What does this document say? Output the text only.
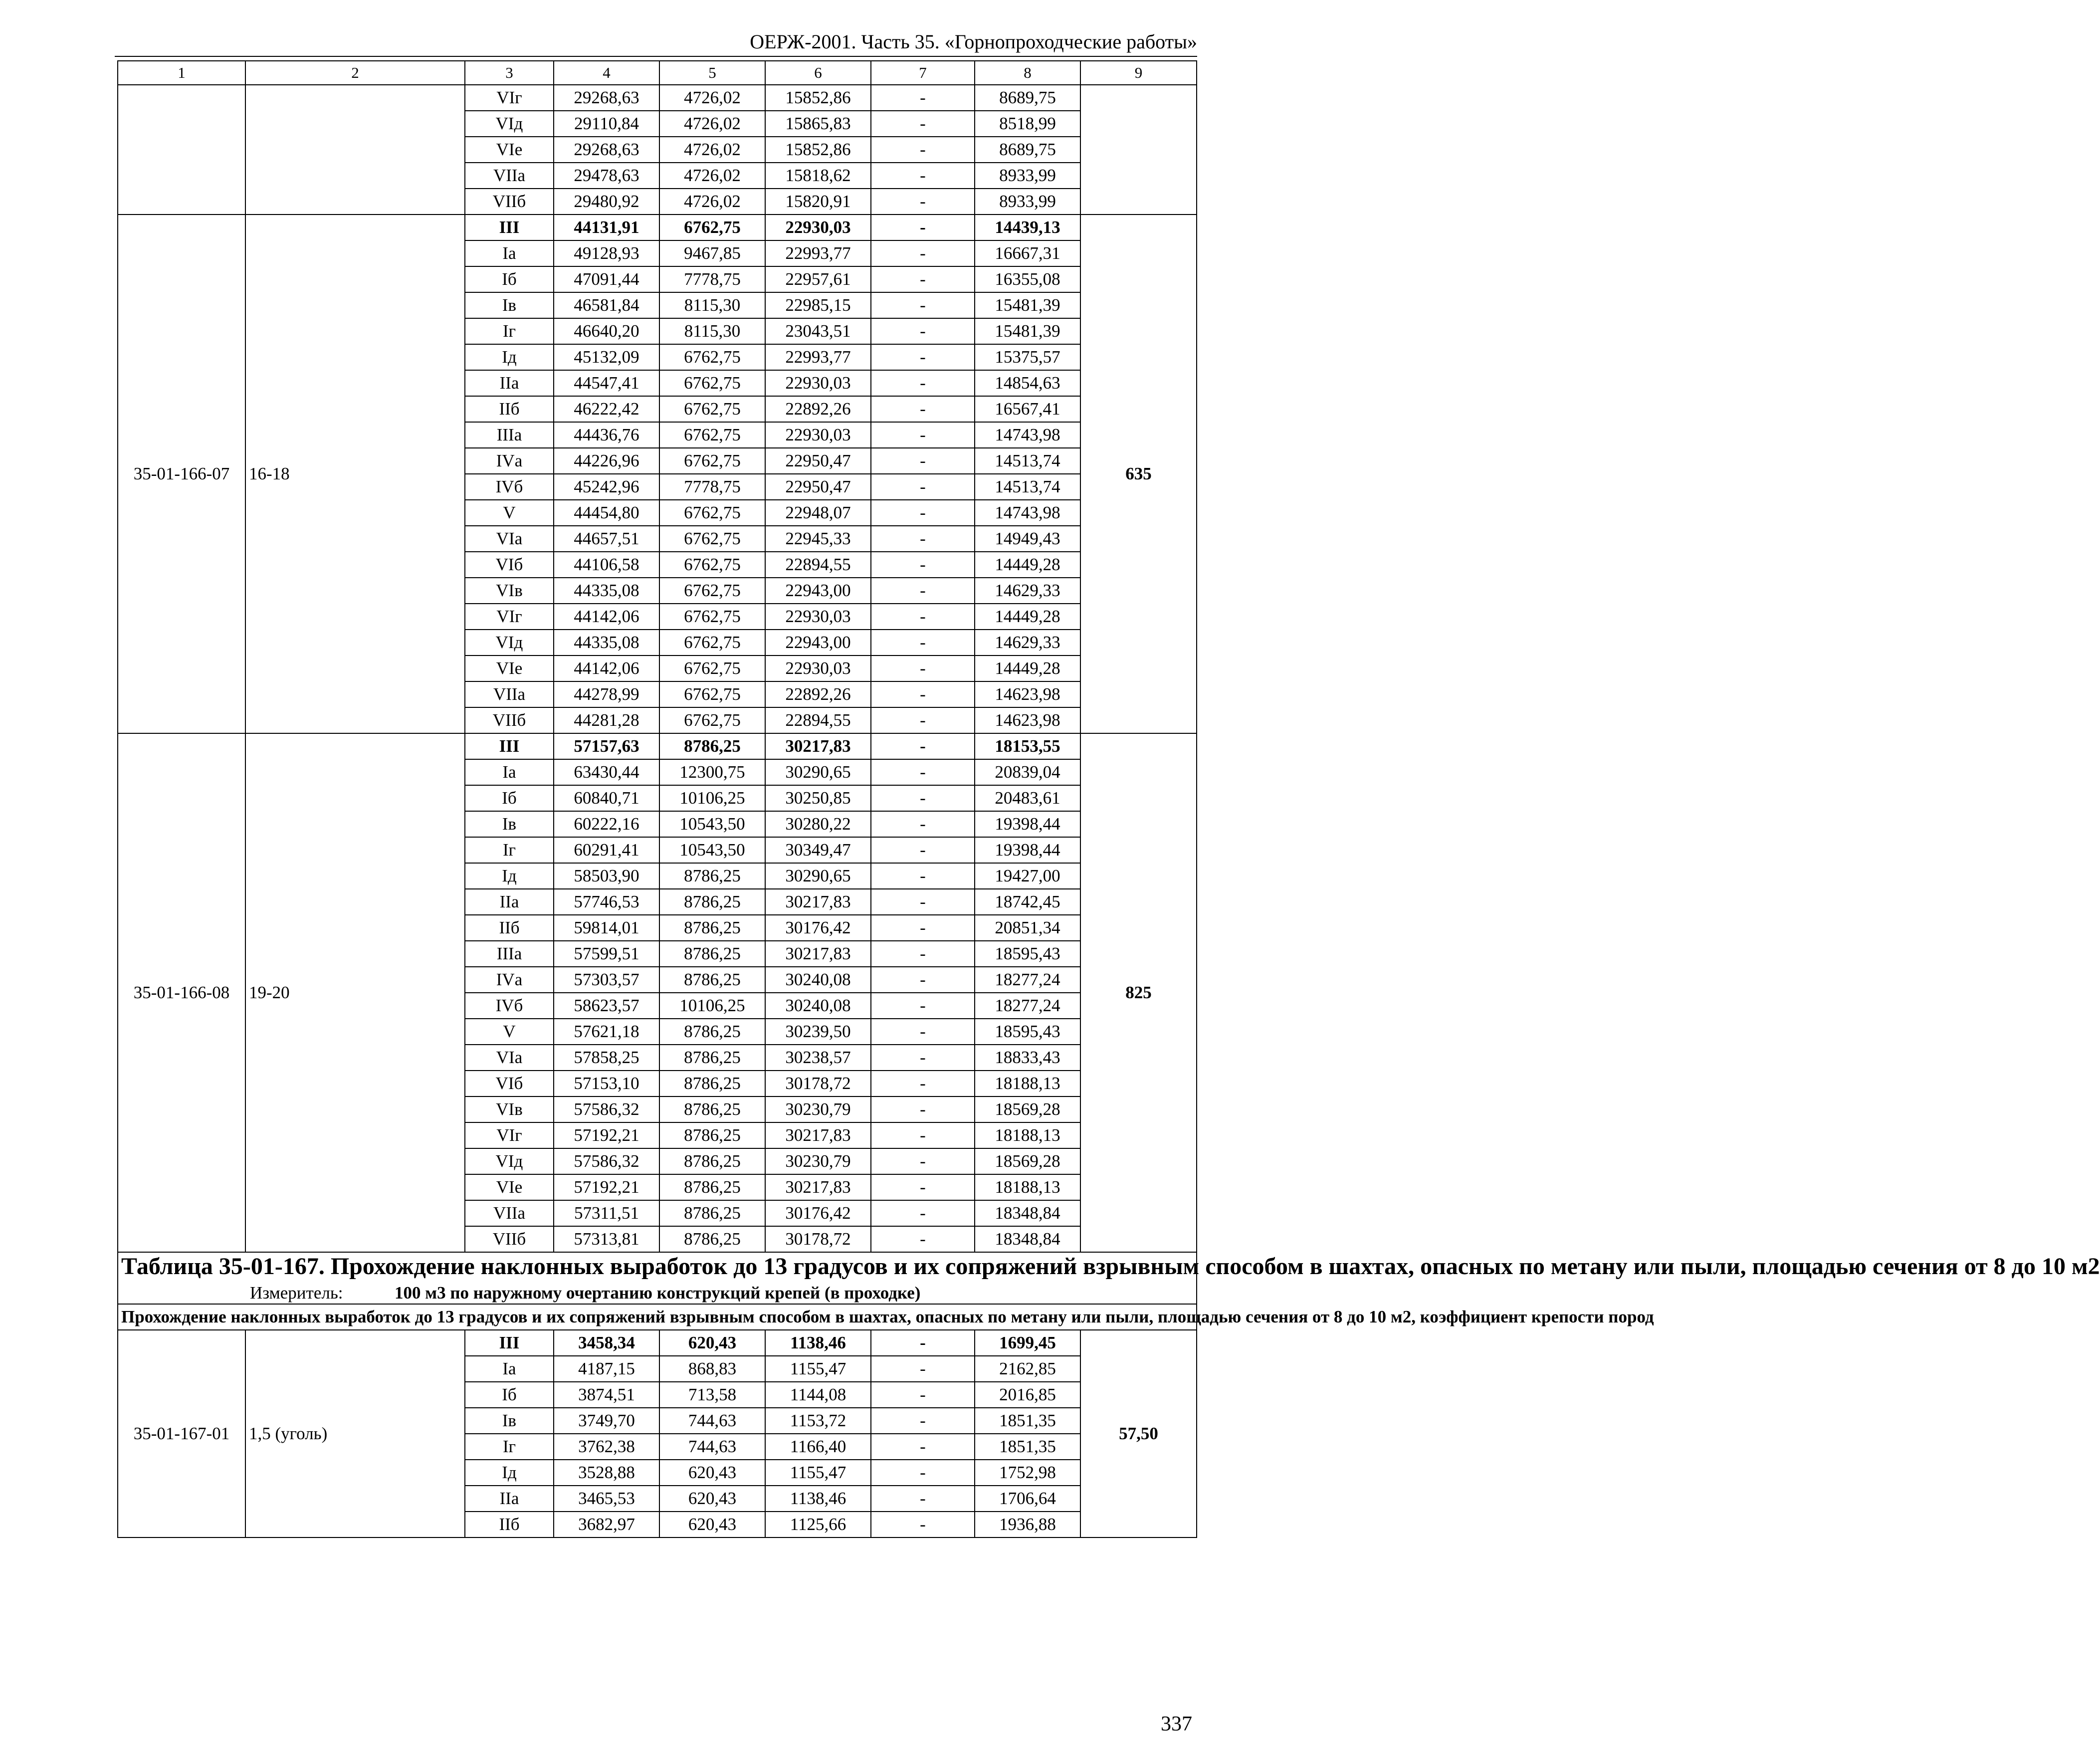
ОЕРЖ-2001. Часть 35. «Горнопроходческие работы»
1	2	3	4	5	6	7	8	9
		VIг	29268,63	4726,02	15852,86	-	8689,75	
		VIд	29110,84	4726,02	15865,83	-	8518,99	
		VIе	29268,63	4726,02	15852,86	-	8689,75	
		VIIа	29478,63	4726,02	15818,62	-	8933,99	
		VIIб	29480,92	4726,02	15820,91	-	8933,99	
35-01-166-07	16-18	III	44131,91	6762,75	22930,03	-	14439,13	635
		Iа	49128,93	9467,85	22993,77	-	16667,31	
		Iб	47091,44	7778,75	22957,61	-	16355,08	
		Iв	46581,84	8115,30	22985,15	-	15481,39	
		Iг	46640,20	8115,30	23043,51	-	15481,39	
		Iд	45132,09	6762,75	22993,77	-	15375,57	
		IIа	44547,41	6762,75	22930,03	-	14854,63	
		IIб	46222,42	6762,75	22892,26	-	16567,41	
		IIIа	44436,76	6762,75	22930,03	-	14743,98	
		IVа	44226,96	6762,75	22950,47	-	14513,74	
		IVб	45242,96	7778,75	22950,47	-	14513,74	
		V	44454,80	6762,75	22948,07	-	14743,98	
		VIа	44657,51	6762,75	22945,33	-	14949,43	
		VIб	44106,58	6762,75	22894,55	-	14449,28	
		VIв	44335,08	6762,75	22943,00	-	14629,33	
		VIг	44142,06	6762,75	22930,03	-	14449,28	
		VIд	44335,08	6762,75	22943,00	-	14629,33	
		VIе	44142,06	6762,75	22930,03	-	14449,28	
		VIIа	44278,99	6762,75	22892,26	-	14623,98	
		VIIб	44281,28	6762,75	22894,55	-	14623,98	
35-01-166-08	19-20	III	57157,63	8786,25	30217,83	-	18153,55	825
		Iа	63430,44	12300,75	30290,65	-	20839,04	
		Iб	60840,71	10106,25	30250,85	-	20483,61	
		Iв	60222,16	10543,50	30280,22	-	19398,44	
		Iг	60291,41	10543,50	30349,47	-	19398,44	
		Iд	58503,90	8786,25	30290,65	-	19427,00	
		IIа	57746,53	8786,25	30217,83	-	18742,45	
		IIб	59814,01	8786,25	30176,42	-	20851,34	
		IIIа	57599,51	8786,25	30217,83	-	18595,43	
		IVа	57303,57	8786,25	30240,08	-	18277,24	
		IVб	58623,57	10106,25	30240,08	-	18277,24	
		V	57621,18	8786,25	30239,50	-	18595,43	
		VIа	57858,25	8786,25	30238,57	-	18833,43	
		VIб	57153,10	8786,25	30178,72	-	18188,13	
		VIв	57586,32	8786,25	30230,79	-	18569,28	
		VIг	57192,21	8786,25	30217,83	-	18188,13	
		VIд	57586,32	8786,25	30230,79	-	18569,28	
		VIе	57192,21	8786,25	30217,83	-	18188,13	
		VIIа	57311,51	8786,25	30176,42	-	18348,84	
		VIIб	57313,81	8786,25	30178,72	-	18348,84	

Таблица 35-01-167. Прохождение наклонных выработок до 13 градусов и их сопряжений взрывным способом в шахтах, опасных по метану или пыли, площадью сечения от 8 до 10 м2
Измеритель: 100 м3 по наружному очертанию конструкций крепей (в проходке)								

Прохождение наклонных выработок до 13 градусов и их сопряжений взрывным способом в шахтах, опасных по метану или пыли, площадью сечения от 8 до 10 м2, коэффициент крепости пород								
35-01-167-01	1,5 (уголь)	III	3458,34	620,43	1138,46	-	1699,45	57,50
		Iа	4187,15	868,83	1155,47	-	2162,85	
		Iб	3874,51	713,58	1144,08	-	2016,85	
		Iв	3749,70	744,63	1153,72	-	1851,35	
		Iг	3762,38	744,63	1166,40	-	1851,35	
		Iд	3528,88	620,43	1155,47	-	1752,98	
		IIа	3465,53	620,43	1138,46	-	1706,64	
		IIб	3682,97	620,43	1125,66	-	1936,88	
337
